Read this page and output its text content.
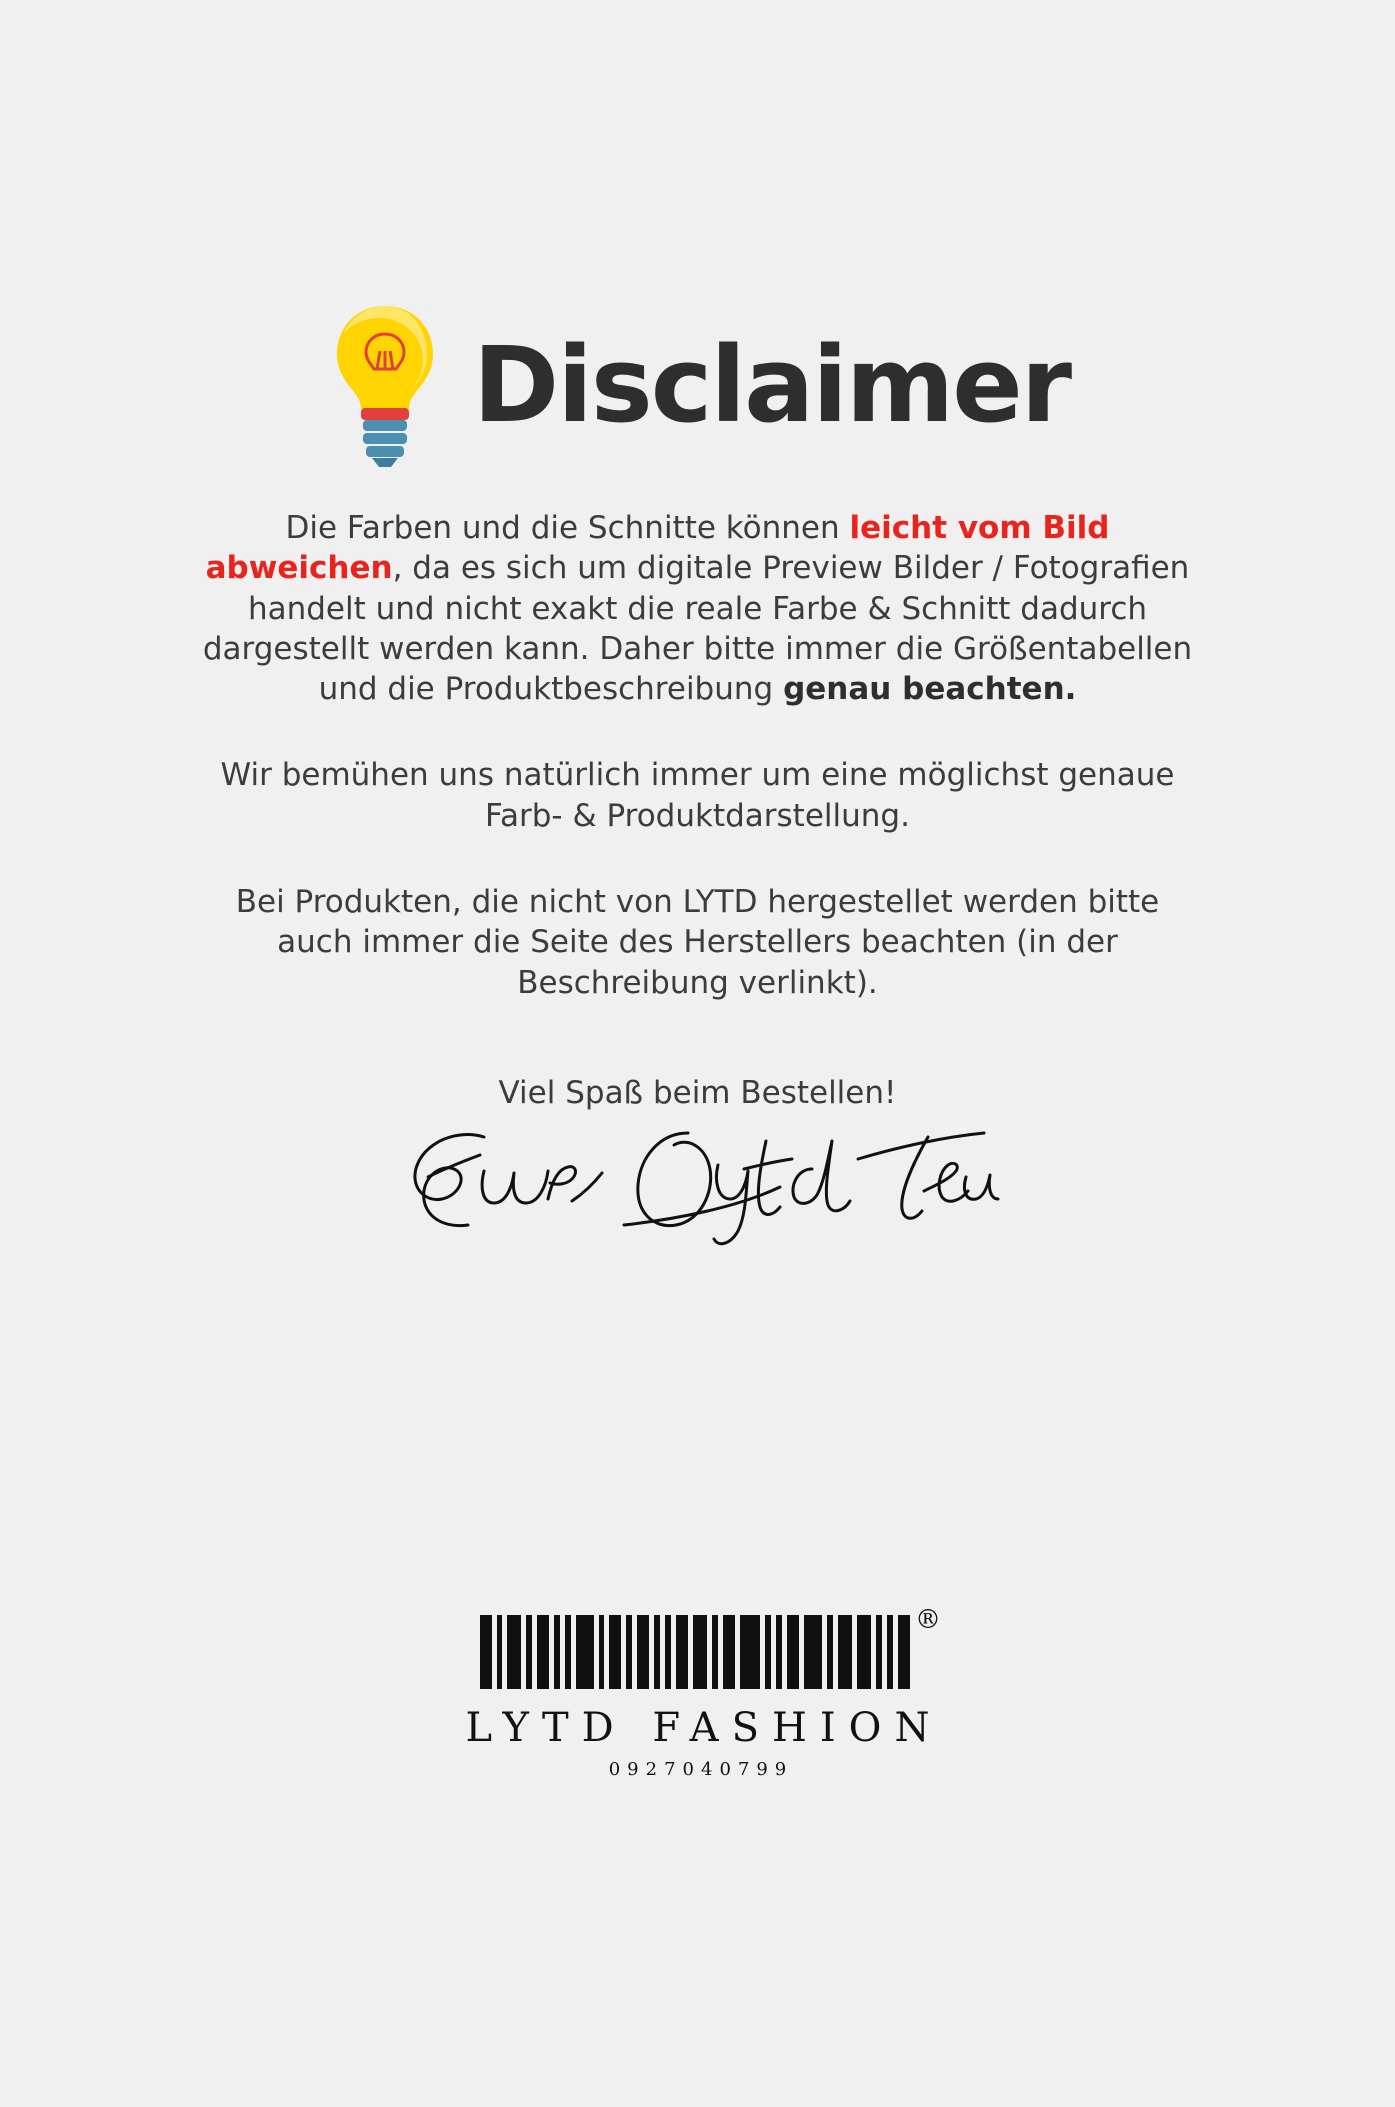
Disclaimer

Die Farben und die Schnitte können leicht vom Bild abweichen, da es sich um digitale Preview Bilder / Fotografien handelt und nicht exakt die reale Farbe & Schnitt dadurch dargestellt werden kann. Daher bitte immer die Größentabellen und die Produktbeschreibung genau beachten.

Wir bemühen uns natürlich immer um eine möglichst genaue Farb- & Produktdarstellung.

Bei Produkten, die nicht von LYTD hergestellet werden bitte auch immer die Seite des Herstellers beachten (in der Beschreibung verlinkt).

Viel Spaß beim Bestellen!
®
LYTD FASHION
0927040799
